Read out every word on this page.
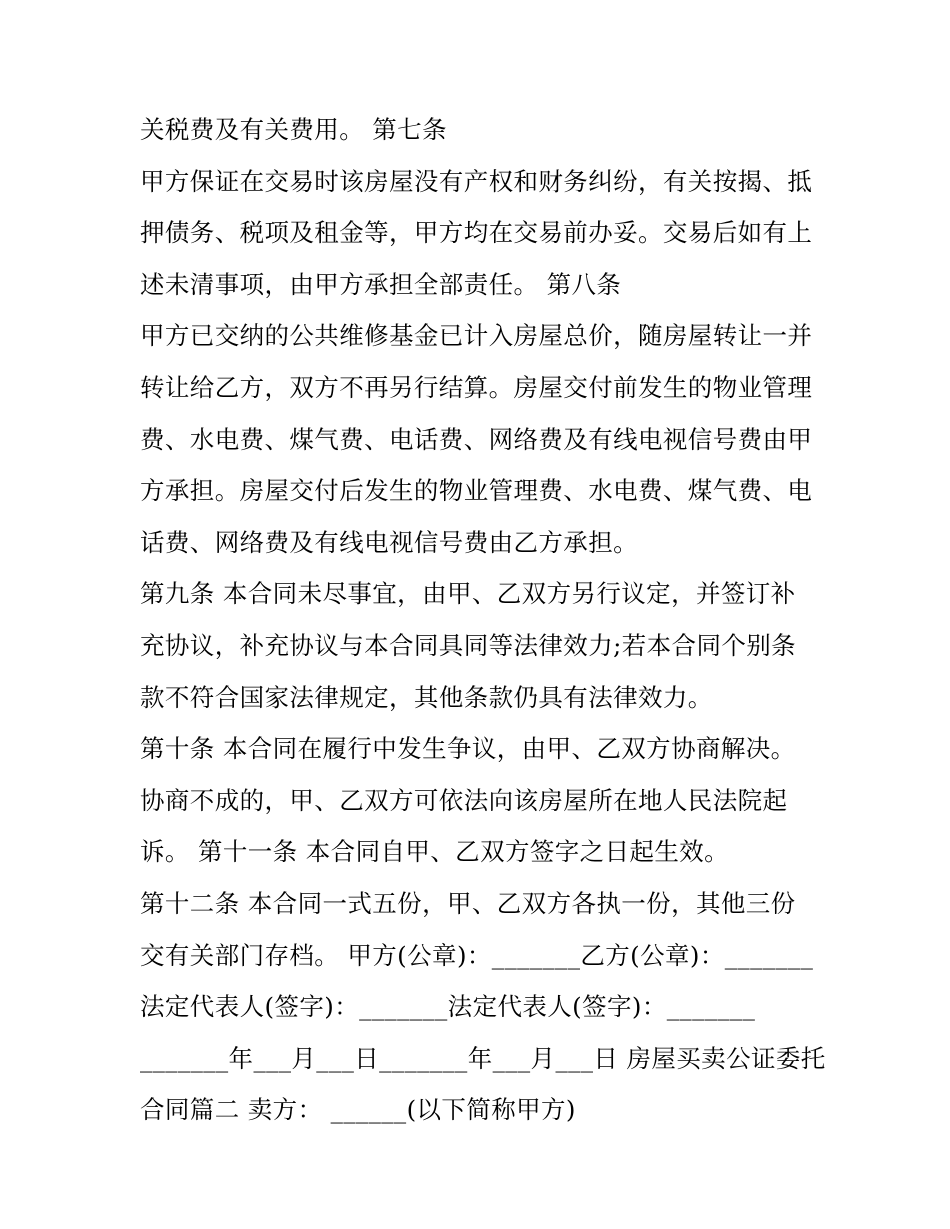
关税费及有关费用。 第七条
甲方保证在交易时该房屋没有产权和财务纠纷，有关按揭、抵
押债务、税项及租金等，甲方均在交易前办妥。交易后如有上
述未清事项，由甲方承担全部责任。 第八条
甲方已交纳的公共维修基金已计入房屋总价，随房屋转让一并
转让给乙方，双方不再另行结算。房屋交付前发生的物业管理
费、水电费、煤气费、电话费、网络费及有线电视信号费由甲
方承担。房屋交付后发生的物业管理费、水电费、煤气费、电
话费、网络费及有线电视信号费由乙方承担。
第九条 本合同未尽事宜，由甲、乙双方另行议定，并签订补
充协议，补充协议与本合同具同等法律效力;若本合同个别条
款不符合国家法律规定，其他条款仍具有法律效力。
第十条 本合同在履行中发生争议，由甲、乙双方协商解决。
协商不成的，甲、乙双方可依法向该房屋所在地人民法院起
诉。 第十一条 本合同自甲、乙双方签字之日起生效。
第十二条 本合同一式五份，甲、乙双方各执一份，其他三份
交有关部门存档。 甲方(公章)：_______乙方(公章)：_______
法定代表人(签字)：_______法定代表人(签字)：_______
_______年___月___日_______年___月___日 房屋买卖公证委托
合同篇二 卖方： ______(以下简称甲方)
